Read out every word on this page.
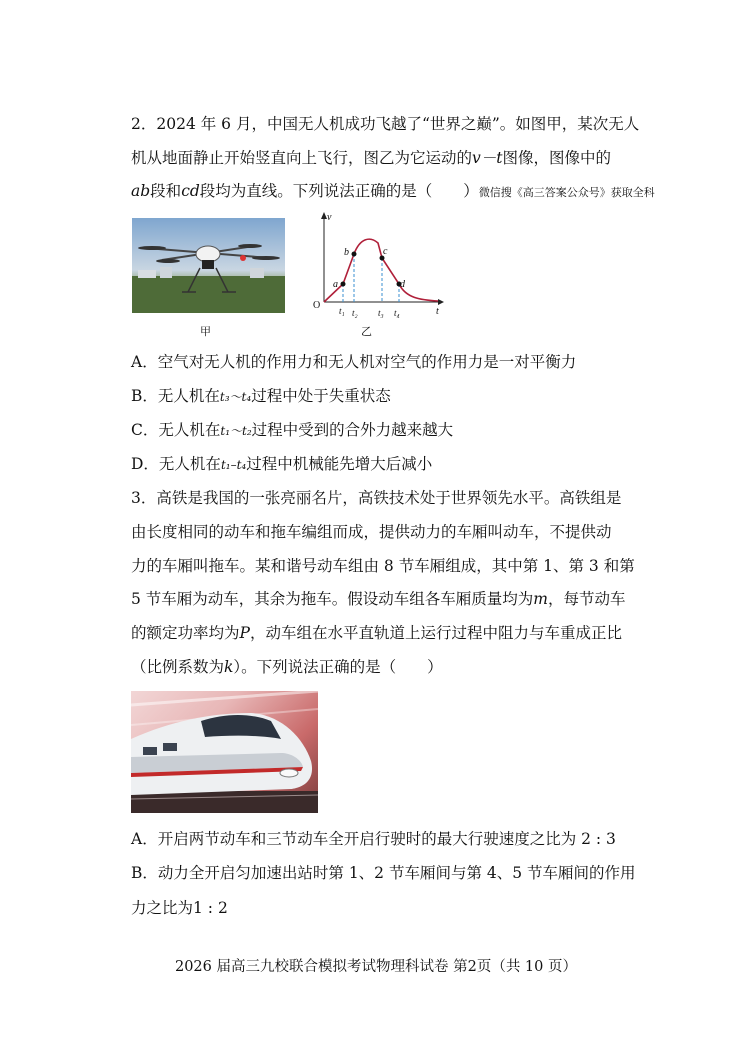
2．2024 年 6 月，中国无人机成功飞越了“世界之巅”。如图甲，某次无人
机从地面静止开始竖直向上飞行，图乙为它运动的v－t图像，图像中的
ab段和cd段均为直线。下列说法正确的是（　　）微信搜《高三答案公众号》获取全科
甲
v
t
O
a
b	c
d
t₁ t₂ t₃ t₄
乙
A．空气对无人机的作用力和无人机对空气的作用力是一对平衡力
B．无人机在t₃～t₄过程中处于失重状态
C．无人机在t₁～t₂过程中受到的合外力越来越大
D．无人机在t₁–t₄过程中机械能先增大后减小
3．高铁是我国的一张亮丽名片，高铁技术处于世界领先水平。高铁组是
由长度相同的动车和拖车编组而成，提供动力的车厢叫动车，不提供动
力的车厢叫拖车。某和谐号动车组由 8 节车厢组成，其中第 1、第 3 和第
5 节车厢为动车，其余为拖车。假设动车组各车厢质量均为m，每节动车
的额定功率均为P，动车组在水平直轨道上运行过程中阻力与车重成正比
（比例系数为k）。下列说法正确的是（　　）
A．开启两节动车和三节动车全开启行驶时的最大行驶速度之比为 2 : 3
B．动力全开启匀加速出站时第 1、2 节车厢间与第 4、5 节车厢间的作用
力之比为1 : 2
2026 届高三九校联合模拟考试物理科试卷 第2页（共 10 页）
